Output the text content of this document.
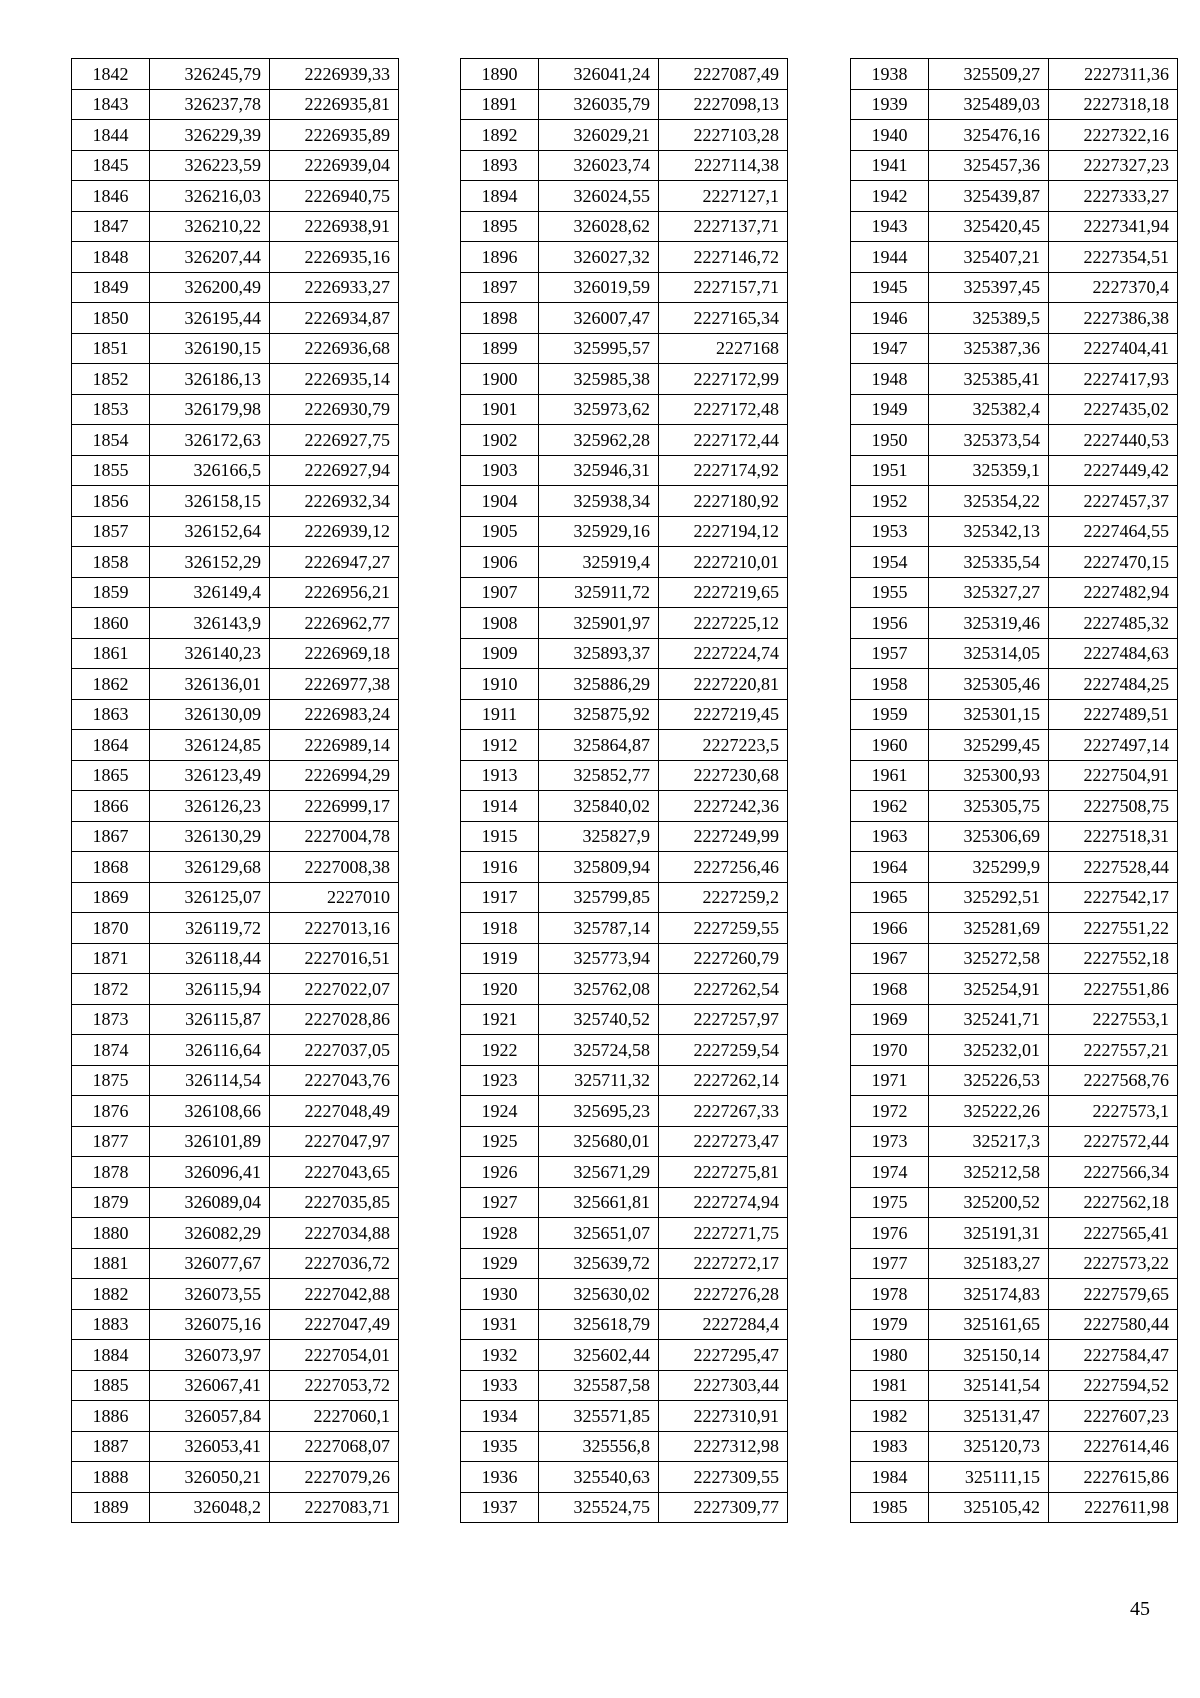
1842	326245,79	2226939,33
1843	326237,78	2226935,81
1844	326229,39	2226935,89
1845	326223,59	2226939,04
1846	326216,03	2226940,75
1847	326210,22	2226938,91
1848	326207,44	2226935,16
1849	326200,49	2226933,27
1850	326195,44	2226934,87
1851	326190,15	2226936,68
1852	326186,13	2226935,14
1853	326179,98	2226930,79
1854	326172,63	2226927,75
1855	326166,5	2226927,94
1856	326158,15	2226932,34
1857	326152,64	2226939,12
1858	326152,29	2226947,27
1859	326149,4	2226956,21
1860	326143,9	2226962,77
1861	326140,23	2226969,18
1862	326136,01	2226977,38
1863	326130,09	2226983,24
1864	326124,85	2226989,14
1865	326123,49	2226994,29
1866	326126,23	2226999,17
1867	326130,29	2227004,78
1868	326129,68	2227008,38
1869	326125,07	2227010
1870	326119,72	2227013,16
1871	326118,44	2227016,51
1872	326115,94	2227022,07
1873	326115,87	2227028,86
1874	326116,64	2227037,05
1875	326114,54	2227043,76
1876	326108,66	2227048,49
1877	326101,89	2227047,97
1878	326096,41	2227043,65
1879	326089,04	2227035,85
1880	326082,29	2227034,88
1881	326077,67	2227036,72
1882	326073,55	2227042,88
1883	326075,16	2227047,49
1884	326073,97	2227054,01
1885	326067,41	2227053,72
1886	326057,84	2227060,1
1887	326053,41	2227068,07
1888	326050,21	2227079,26
1889	326048,2	2227083,71
1890	326041,24	2227087,49
1891	326035,79	2227098,13
1892	326029,21	2227103,28
1893	326023,74	2227114,38
1894	326024,55	2227127,1
1895	326028,62	2227137,71
1896	326027,32	2227146,72
1897	326019,59	2227157,71
1898	326007,47	2227165,34
1899	325995,57	2227168
1900	325985,38	2227172,99
1901	325973,62	2227172,48
1902	325962,28	2227172,44
1903	325946,31	2227174,92
1904	325938,34	2227180,92
1905	325929,16	2227194,12
1906	325919,4	2227210,01
1907	325911,72	2227219,65
1908	325901,97	2227225,12
1909	325893,37	2227224,74
1910	325886,29	2227220,81
1911	325875,92	2227219,45
1912	325864,87	2227223,5
1913	325852,77	2227230,68
1914	325840,02	2227242,36
1915	325827,9	2227249,99
1916	325809,94	2227256,46
1917	325799,85	2227259,2
1918	325787,14	2227259,55
1919	325773,94	2227260,79
1920	325762,08	2227262,54
1921	325740,52	2227257,97
1922	325724,58	2227259,54
1923	325711,32	2227262,14
1924	325695,23	2227267,33
1925	325680,01	2227273,47
1926	325671,29	2227275,81
1927	325661,81	2227274,94
1928	325651,07	2227271,75
1929	325639,72	2227272,17
1930	325630,02	2227276,28
1931	325618,79	2227284,4
1932	325602,44	2227295,47
1933	325587,58	2227303,44
1934	325571,85	2227310,91
1935	325556,8	2227312,98
1936	325540,63	2227309,55
1937	325524,75	2227309,77
1938	325509,27	2227311,36
1939	325489,03	2227318,18
1940	325476,16	2227322,16
1941	325457,36	2227327,23
1942	325439,87	2227333,27
1943	325420,45	2227341,94
1944	325407,21	2227354,51
1945	325397,45	2227370,4
1946	325389,5	2227386,38
1947	325387,36	2227404,41
1948	325385,41	2227417,93
1949	325382,4	2227435,02
1950	325373,54	2227440,53
1951	325359,1	2227449,42
1952	325354,22	2227457,37
1953	325342,13	2227464,55
1954	325335,54	2227470,15
1955	325327,27	2227482,94
1956	325319,46	2227485,32
1957	325314,05	2227484,63
1958	325305,46	2227484,25
1959	325301,15	2227489,51
1960	325299,45	2227497,14
1961	325300,93	2227504,91
1962	325305,75	2227508,75
1963	325306,69	2227518,31
1964	325299,9	2227528,44
1965	325292,51	2227542,17
1966	325281,69	2227551,22
1967	325272,58	2227552,18
1968	325254,91	2227551,86
1969	325241,71	2227553,1
1970	325232,01	2227557,21
1971	325226,53	2227568,76
1972	325222,26	2227573,1
1973	325217,3	2227572,44
1974	325212,58	2227566,34
1975	325200,52	2227562,18
1976	325191,31	2227565,41
1977	325183,27	2227573,22
1978	325174,83	2227579,65
1979	325161,65	2227580,44
1980	325150,14	2227584,47
1981	325141,54	2227594,52
1982	325131,47	2227607,23
1983	325120,73	2227614,46
1984	325111,15	2227615,86
1985	325105,42	2227611,98
45
